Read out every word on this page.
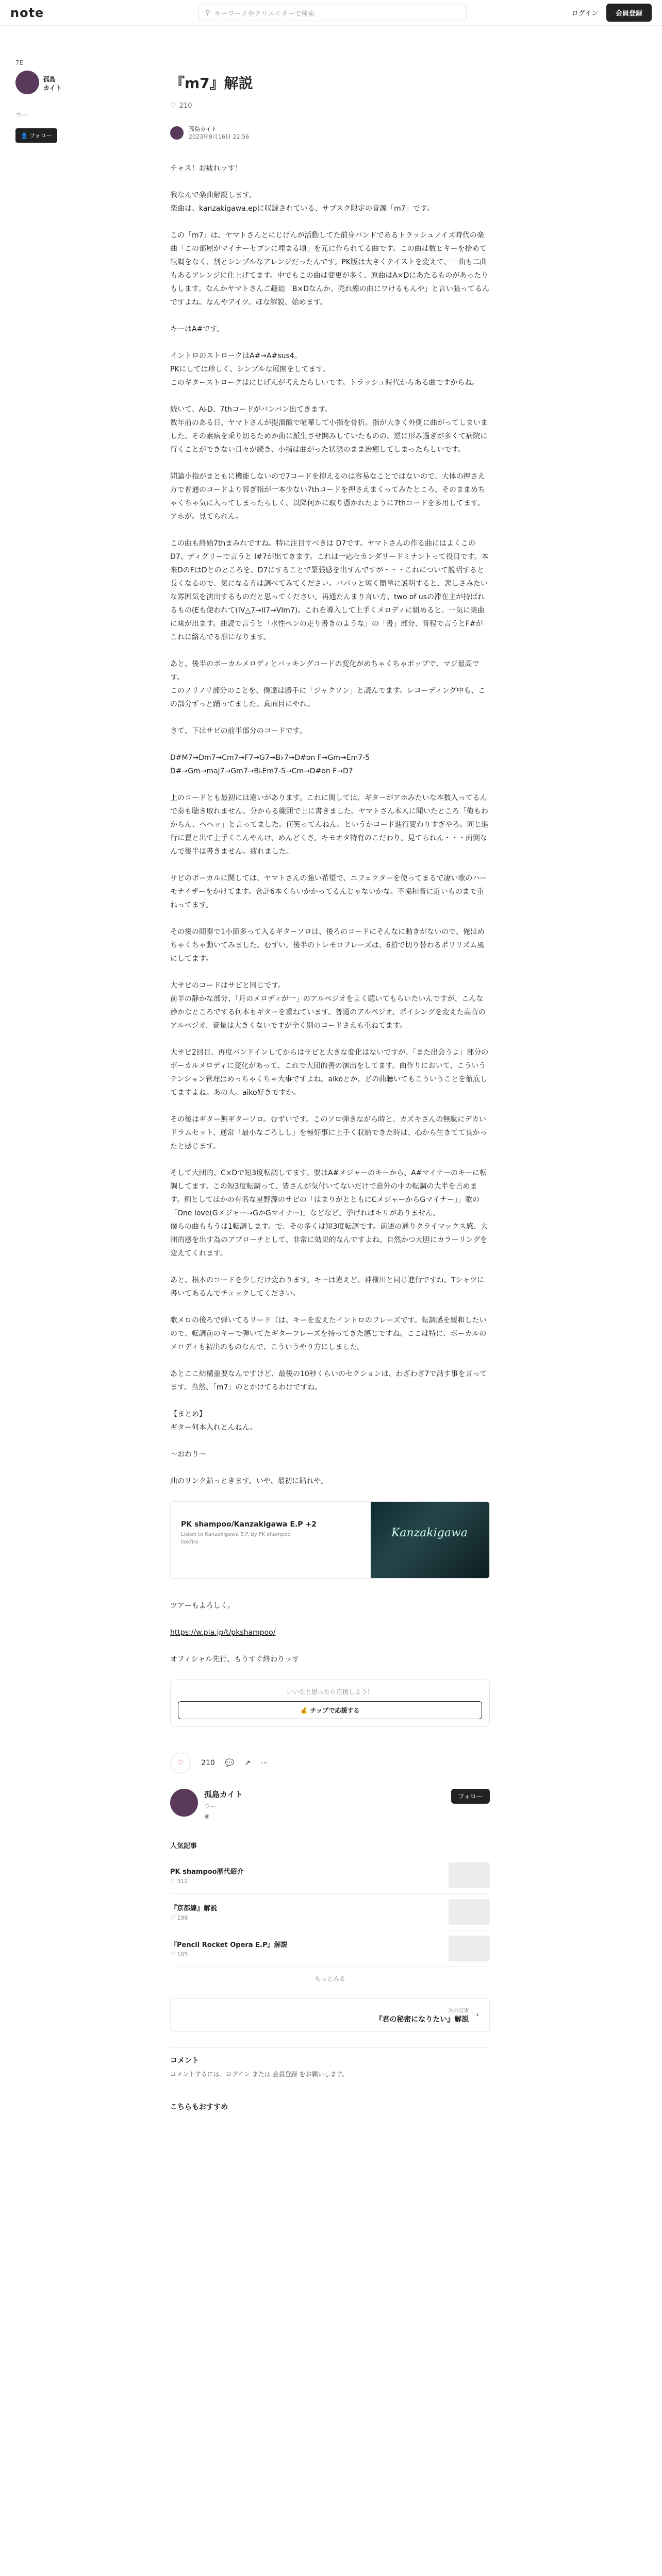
note	⚲ キーワードやクリエイターで検索	ログイン	会員登録
7E
孤島カイト
ウー
👤 フォロー
『m7』解説
♡ 210
孤島カイト
2023年9月16日 22:56
チャス！お疲れッす！
戦なんで楽曲解説します。
楽曲は、kanzakigawa.epに収録されている、サブスク限定の音源「m7」です。
この「m7」は、ヤマトさんとにじげんが活動してた前身バンドであるトラッシュノイズ時代の楽曲「この部屋がマイナーセブンに埋まる頃」を元に作られてる曲です。この曲は数ヒキーを拾めて転調をなく、割とシンプルなアレンジだったんです。PK版は大きくテイストを変えて、一曲も二曲もあるアレンジに仕上げてます。中でもこの曲は変更が多く、原曲はA×Dにあたるものがあったりもします。なんかヤマトさんご趣迫「B×Dなんか、売れ線の曲にワけるもんや」と言い張ってるんですよね。なんやアイツ。ほな解説、始めます。
キーはA#です。
イントロのストロークはA#→A#sus4。
PKにしては珍しく、シンプルな展開をしてます。
このギターストロークはにじげんが考えたらしいです。トラッシュ時代からある曲ですからね。
続いて、A♭D、7thコードがバンバン出てきます。
数年前のある日、ヤマトさんが提溜酸で喧嘩して小指を骨折。指が大きく外側に曲がってしまいました。その素病を乗り切るためか曲に派生させ開みしていたものの、逆に形み過ぎが多くて病院に行くことができない日々が続き、小指は曲がった状態のまま治癒してしまったらしいです。
問論小指がまともに機能しないので7コードを抑えるのは容易なことではないので、大体の押さえ方で普通のコードより容ぎ指が一本少ない7thコードを押さえまくってみたところ、そのままめちゃくちゃ気に入ってしまったらしく、以降何かに取り憑かれたように7thコードを多用してます。アホが。見てられん。
この曲も終始7thまみれですね。特に注目すべきは D7です。ヤマトさんの作る曲にはよくこのD7、ディグリーで言うと I#7が出てきます。これは一応セカンダリードミナントって役目です。本来DのFはDとのところを、D7にすることで緊張感を出すんですが・・・これについて説明すると長くなるので、気になる方は調べてみてください。バパッと短く簡単に説明すると、悲しさみたいな雰囲気を演出するものだと思ってください。再通たんまり言い方、two of usの滞在主が持ばれるもの(Eも使われて(IV△7→II7→Vlm7)。これを導入して上手くメロディに組めると、一気に楽曲に味が出ます。曲読で言うと「水性ペンの走り書きのような」の「書」部分、音程で言うとF#がこれに絡んでる形になります。
あと、後半のボーカルメロディとバッキングコードの変化がめちゃくちゃポップで、マジ最高です。
このノリノリ部分のことを、僕達は勝手に「ジャクソン」と読んでます。レコーディング中も、この部分ずっと踊ってました。真面目にやれ。
さて、下はサビの前半部分のコードです。
D#M7→Dm7→Cm7→F7→G7→B♭7→D#on F→Gm→Em7-5
D#→Gm→maj7→Gm7→B♭Em7-5→Cm→D#on F→D7
上のコードとも最初には違いがあります。これに関しては、ギターがアホみたいな本数入ってるんで奏も聴き取れません。分からる範囲で上に書きました。ヤマトさん本人に聞いたところ「俺もわからん、ヘヘッ」と言ってました。何笑ってんねん。というかコード進行変わりすぎやろ。同じ進行に置と出て上手くこんやんけ、めんどくさ。キモオタ特有のこだわり。見てられん・・・面倒なんで後半は書きません。疲れました。
サビのボーカルに関しては、ヤマトさんの強い希望で、エフェクターを使ってまるで凄い歌のハーモナイザーをかけてます。合計6本くらいかかってるんじゃないかな。不協和音に近いものまで重ねってます。
その後の間奏で1小節多って入るギターソロは、後ろのコードにそんなに動きがないので、俺はめちゃくちゃ動いてみました。むずい。後半のトレモロフレーズは、6拍で切り替わるポリリズム風にしてます。
大サビのコードはサビと同じです。
前半の静かな部分、「月のメロディが一」のアルペジオをよく聴いてもらいたいんですが、こんな静かなところでする何本もギターを重ねています。普通のアルペジオ、ポイシングを変えた高音のアルペジオ、音量は大きくないですが全く別のコードさえも重ねてます。
大サビ2回目、再度バンドインしてからはサビと大きな変化はないですが、「また出会うよ」部分のボーカルメロディに変化があって、これで大団的善の演出をしてます。曲作りにおいて、こういうテンション管理はめっちゃくちゃ大事ですよね。aikoとか、どの曲聴いてもこういうことを徹底してますよね。あの人。aiko好きですか。
その後はギター無ギターソロ。むずいです。このソロ弾きながら時と、カズキさんの無駄にデカいドラムセット、通常「最小なごろしし」を極好事に上手く収納できた時は、心から生きてて良かったと感じます。
そして大団的、C×Dで短3度転調してます。要はA#メジャーのキーから、A#マイナーのキーに転調してます。この短3度転調って、皆さんが気付いてないだけで意外の中の転調の大半を占めます。例としてはかの有名な星野源のサビの「はまりがとともにCメジャーからGマイナー」」歌の「One love(Gメジャー→GかGマイナー)」などなど。挙げればキリがありません。
僕らの曲ももうは1転調します。で、その多くは短3度転調です。前述の通りクライマックス感、大団的感を出す為のアプローチとして、非常に効果的なんですよね。自然かつ大胆にカラーリングを変えてくれます。
あと、根本のコードを少しだけ変わります。キーは違えど、神様川と同じ進行ですね。Tシャツに書いてあるんでチェックしてください。
歌メロの後ろで弾いてるリード（は、キーを変えたイントロのフレーズです。転調感を緩和したいので、転調前のキーで弾いてたギターフレーズを持ってきた感じですね。ここは特に、ボーカルのメロディも初出のものなんで、こういうやり方にしました。
あとここ結構重要なんですけど、最後の10秒くらいのセクションは、わざわざ7で話す事を言ってます。当然、「m7」のとかけてるわけですね。
【まとめ】
ギター何本入れとんねん。
～おわり～
曲のリンク貼っときます。いや、最初に貼れや。
PK shampoo/Kanzakigawa E.P +2
Listen to Kanzakigawa E.P. by PK shampoo
linkfire
Kanzakigawa
ツアーもよろしく。
https://w.pia.jp/t/pkshampoo/
オフィシャル先行、もうすぐ終わりッす
いいなと思ったら応援しよう！
💰 チップで応援する
♡ 210 💬 ↗ ⋯
孤島カイト
ウー
◉
フォロー
人気記事
PK shampoo歴代紹介
♡ 312
『京都線』解説
♡ 198
『Pencil Rocket Opera E.P』解説
♡ 165
もっとみる
次の記事
『君の秘密になりたい』解説
›
コメント
コメントするには、ログイン または 会員登録 をお願いします。
こちらもおすすめ
